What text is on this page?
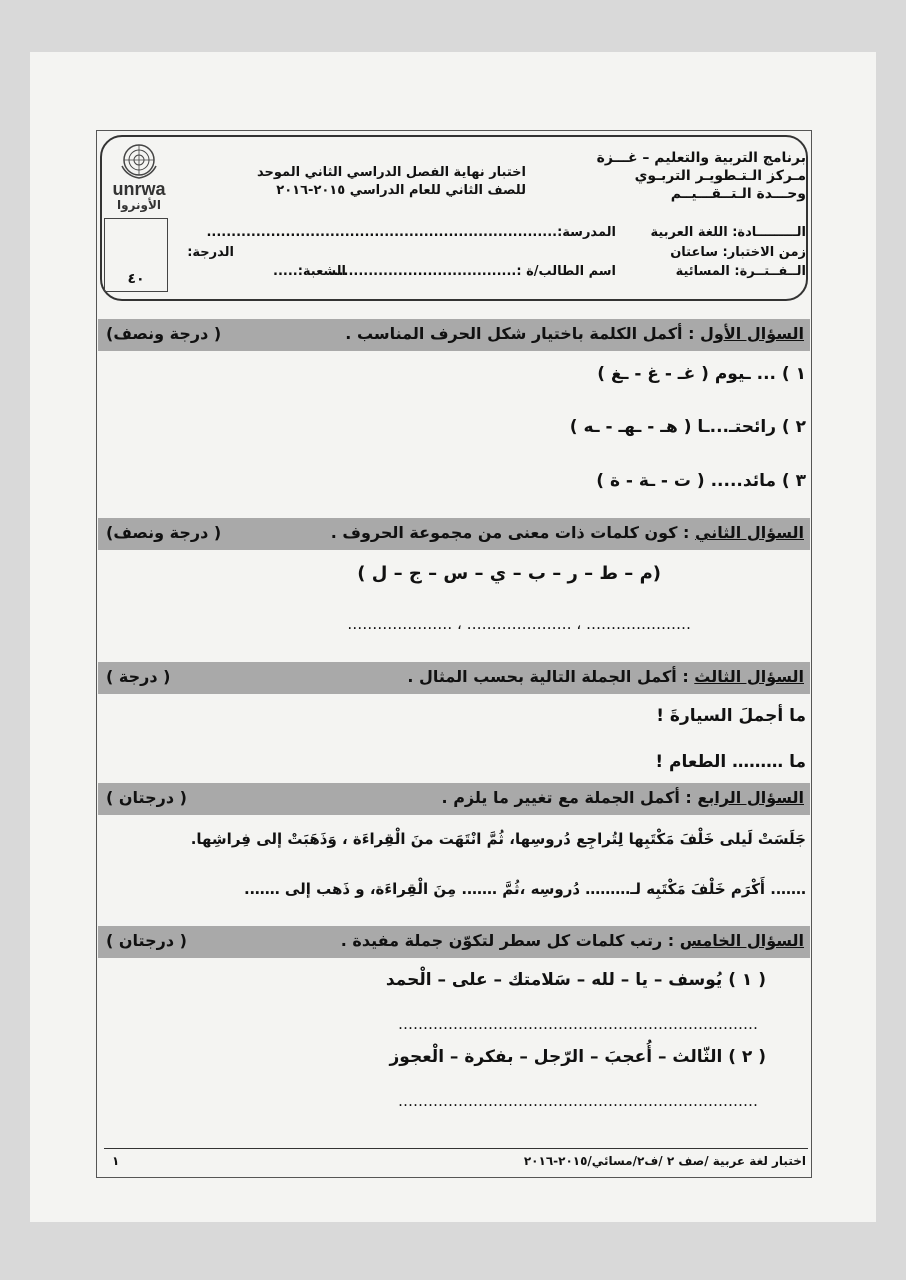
unrwa
الأونروا
٤٠
برنامج التربية والتعليم – غـــزة
مـركز الـتـطويـر التربـوي
وحـــدة الـتــقـــيــم
اختبار نهاية الفصل الدراسي الثاني الموحد
للصف الثاني للعام الدراسي ٢٠١٥-٢٠١٦
الـــــــــادة: اللغة العربية
المدرسة:.......................................................................
زمن الاختبار: ساعتان
الدرجة:
الــفــتــرة: المسائية
اسم الطالب/ة :......................................
الشعبة:.....
السؤال الأول : أكمل الكلمة باختيار شكل الحرف المناسب .
( درجة ونصف)
١ ) ... ـيوم ( غـ - غ - ـغ )
٢ ) رائحتـ...ـا ( هـ - ـهـ - ـه )
٣ ) مائد..... ( ت - ـة - ة )
السؤال الثاني : كون كلمات ذات معنى من مجموعة الحروف .
( درجة ونصف)
(م – ط – ر – ب – ي – س – ج – ل )
………………… ، ………………… ، …………………
السؤال الثالث : أكمل الجملة التالية بحسب المثال .
( درجة )
ما أجملَ السيارةَ !
ما ……… الطعام !
السؤال الرابع : أكمل الجملة مع تغيير ما يلزم .
( درجتان )
جَلَسَتْ لَيلى خَلْفَ مَكْتَبِها لِتُراجِع دُروسِها، ثُمَّ انْتَهَت منَ الْقِراءَة ، وَذَهَبَتْ إلى فِراشِها.
……. أَكْرَم خَلْفَ مَكْتَبِه لـ……… دُروسِه ،ثُمَّ ……. مِنَ الْقِراءَة، و ذَهب إلى …….
السؤال الخامس : رتب كلمات كل سطر لتكوّن جملة مفيدة .
( درجتان )
( ١ ) يُوسف – يا – لله – سَلامتك – على – الْحمد
………………………………………………………………
( ٢ ) الثّالث – أُعجبَ – الرّجل – بفكرة – الْعجوز
………………………………………………………………
اختبار لغة عربية /صف ٢ /ف٢/مسائي/٢٠١٥-٢٠١٦
١
